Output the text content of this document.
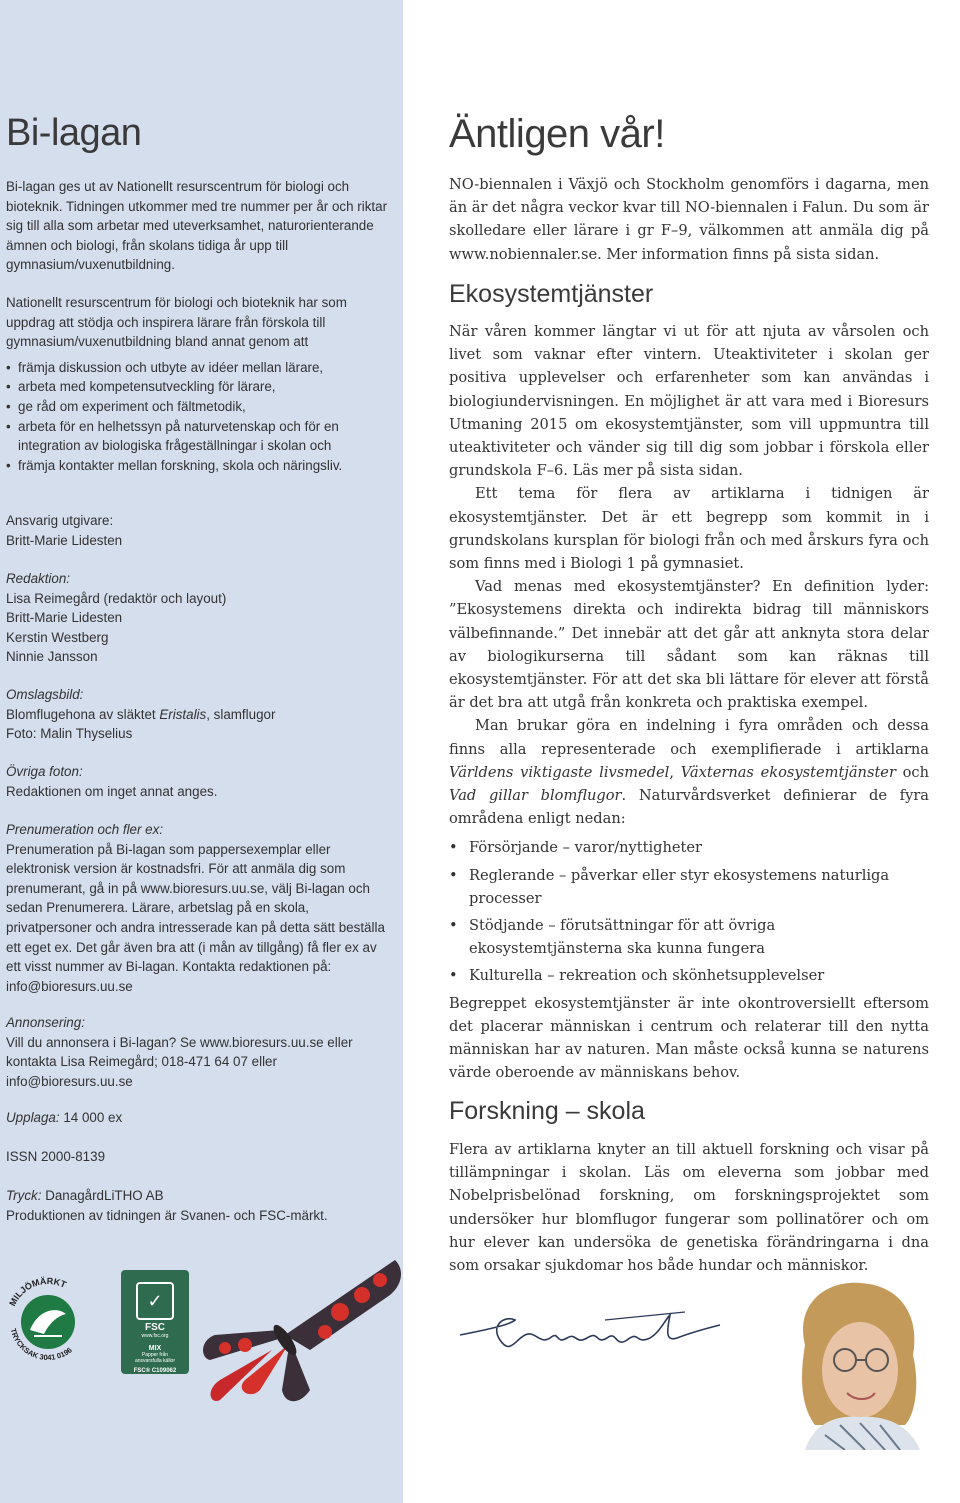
Bi-lagan

Bi-lagan ges ut av Nationellt resurscentrum för biologi och bioteknik. Tidningen utkommer med tre nummer per år och riktar sig till alla som arbetar med uteverksamhet, naturorienterande ämnen och biologi, från skolans tidiga år upp till gymnasium/vuxenutbildning.

Nationellt resurscentrum för biologi och bioteknik har som uppdrag att stödja och inspirera lärare från förskola till gymnasium/vuxenutbildning bland annat genom att

• främja diskussion och utbyte av idéer mellan lärare,
• arbeta med kompetensutveckling för lärare,
• ge råd om experiment och fältmetodik,
• arbeta för en helhetssyn på naturvetenskap och för en integration av biologiska frågeställningar i skolan och
• främja kontakter mellan forskning, skola och näringsliv.

Ansvarig utgivare:

Britt-Marie Lidesten

Redaktion:

Lisa Reimegård (redaktör och layout)

Britt-Marie Lidesten

Kerstin Westberg

Ninnie Jansson

Omslagsbild:

Blomflugehona av släktet Eristalis, slamflugor

Foto: Malin Thyselius

Övriga foton:

Redaktionen om inget annat anges.

Prenumeration och fler ex:

Prenumeration på Bi-lagan som pappersexemplar eller elektronisk version är kostnadsfri. För att anmäla dig som prenumerant, gå in på www.bioresurs.uu.se, välj Bi-lagan och sedan Prenumerera. Lärare, arbetslag på en skola, privatpersoner och andra intresserade kan på detta sätt beställa ett eget ex. Det går även bra att (i mån av tillgång) få fler ex av ett visst nummer av Bi-lagan. Kontakta redaktionen på: info@bioresurs.uu.se

Annonsering:

Vill du annonsera i Bi-lagan? Se www.bioresurs.uu.se eller kontakta Lisa Reimegård; 018-471 64 07 eller info@bioresurs.uu.se

Upplaga: 14 000 ex

ISSN 2000-8139

Tryck: DanagårdLiTHO AB

Produktionen av tidningen är Svanen- och FSC-märkt.

MILJÖMÄRKT
TRYCKSAK 3041 0196
✓
FSC
www.fsc.org
MIX
Papper från
ansvarsfulla källor
FSC® C109062
Äntligen vår!

NO-biennalen i Växjö och Stockholm genomförs i dagarna, men än är det några veckor kvar till NO-biennalen i Falun. Du som är skolledare eller lärare i gr F–9, välkommen att anmäla dig på www.nobiennaler.se. Mer information finns på sista sidan.

Ekosystemtjänster

När våren kommer längtar vi ut för att njuta av vårsolen och livet som vaknar efter vintern. Uteaktiviteter i skolan ger positiva upplevelser och erfarenheter som kan användas i biologiundervisningen. En möjlighet är att vara med i Bioresurs Utmaning 2015 om ekosystemtjänster, som vill uppmuntra till uteaktiviteter och vänder sig till dig som jobbar i förskola eller grundskola F–6. Läs mer på sista sidan.

Ett tema för flera av artiklarna i tidnigen är ekosystemtjänster. Det är ett begrepp som kommit in i grundskolans kursplan för biologi från och med årskurs fyra och som finns med i Biologi 1 på gymnasiet.

Vad menas med ekosystemtjänster? En definition lyder: ”Ekosystemens direkta och indirekta bidrag till människors välbefinnande.” Det innebär att det går att anknyta stora delar av biologikurserna till sådant som kan räknas till ekosystemtjänster. För att det ska bli lättare för elever att förstå är det bra att utgå från konkreta och praktiska exempel.

Man brukar göra en indelning i fyra områden och dessa finns alla representerade och exemplifierade i artiklarna Världens viktigaste livsmedel, Växternas ekosystemtjänster och Vad gillar blomflugor. Naturvårdsverket definierar de fyra områdena enligt nedan:

• Försörjande – varor/nyttigheter
• Reglerande – påverkar eller styr ekosystemens naturliga processer
• Stödjande – förutsättningar för att övriga ekosystemtjänsterna ska kunna fungera
• Kulturella – rekreation och skönhetsupplevelser

Begreppet ekosystemtjänster är inte okontroversiellt eftersom det placerar människan i centrum och relaterar till den nytta människan har av naturen. Man måste också kunna se naturens värde oberoende av människans behov.

Forskning – skola

Flera av artiklarna knyter an till aktuell forskning och visar på tillämpningar i skolan. Läs om eleverna som jobbar med Nobelprisbelönad forskning, om forskningsprojektet som undersöker hur blomflugor fungerar som pollinatörer och om hur elever kan undersöka de genetiska förändringarna i dna som orsakar sjukdomar hos både hundar och människor.
